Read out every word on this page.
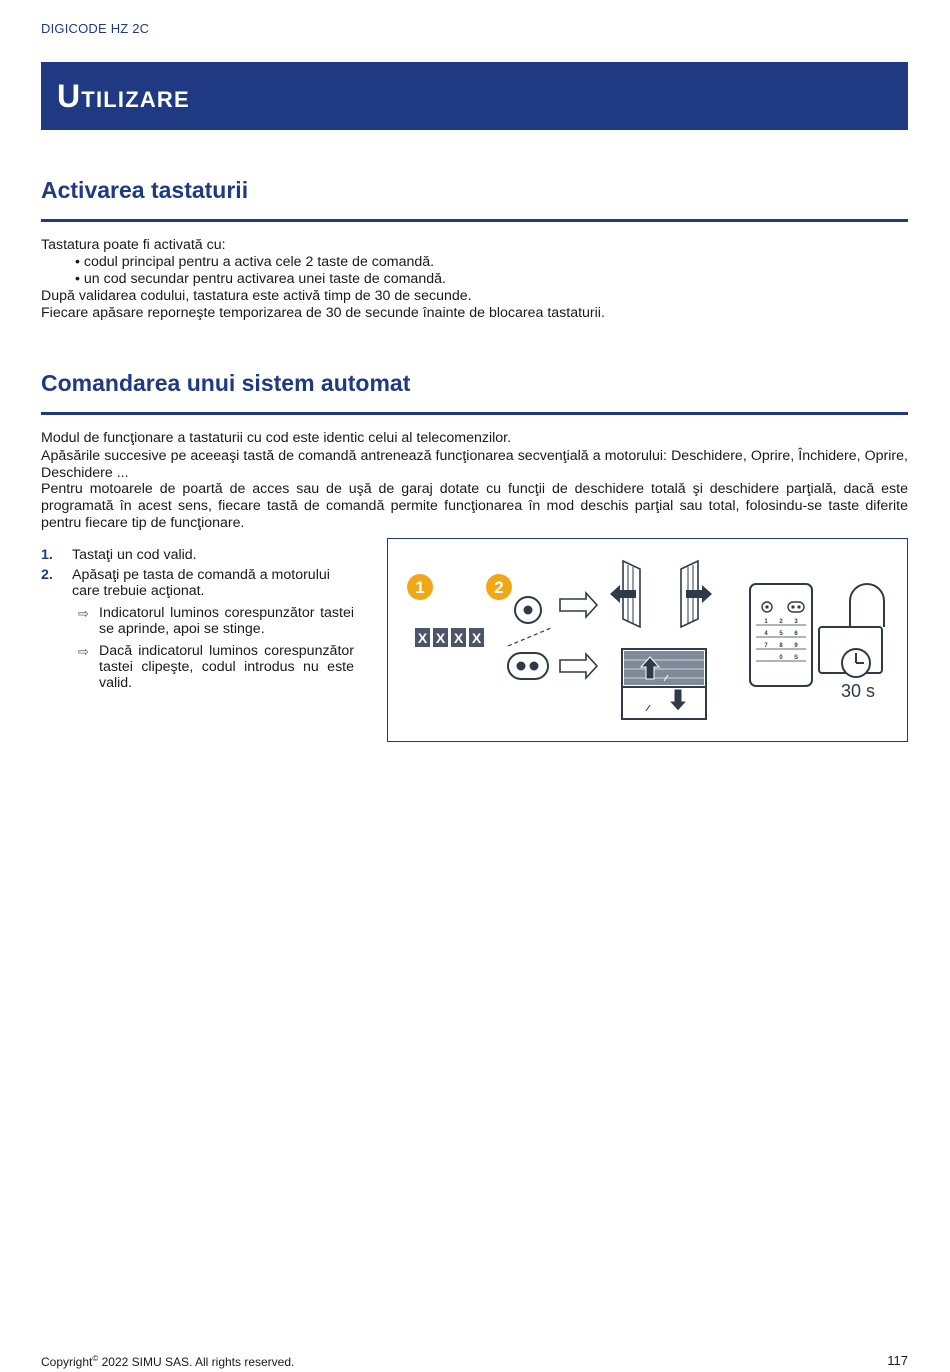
DIGICODE HZ 2C
Utilizare
Activarea tastaturii
Tastatura poate fi activată cu:
• codul principal pentru a activa cele 2 taste de comandă.
• un cod secundar pentru activarea unei taste de comandă.
După validarea codului, tastatura este activă timp de 30 de secunde.
Fiecare apăsare reporneşte temporizarea de 30 de secunde înainte de blocarea tastaturii.
Comandarea unui sistem automat

Modul de funcţionare a tastaturii cu cod este identic celui al telecomenzilor.

Apăsările succesive pe aceeaşi tastă de comandă antrenează funcţionarea secvenţială a motorului: Deschidere, Oprire, Închidere, Oprire, Deschidere ...

Pentru motoarele de poartă de acces sau de uşă de garaj dotate cu funcţii de deschidere totală şi deschidere parţială, dacă este programată în acest sens, fiecare tastă de comandă permite funcţionarea în mod deschis parţial sau total, folosindu-se taste diferite pentru fiecare tip de funcţionare.

1. Tastaţi un cod valid.
2. Apăsaţi pe tasta de comandă a motorului care trebuie acţionat.
⇨ Indicatorul luminos corespunzător tastei se aprinde, apoi se stinge.
⇨ Dacă indicatorul luminos corespunzător tastei clipeşte, codul introdus nu este valid.
1	2
X X X X
1 2 3
4 5 6
7 8 9
0 S
30 s
Copyright© 2022 SIMU SAS. All rights reserved.	117
